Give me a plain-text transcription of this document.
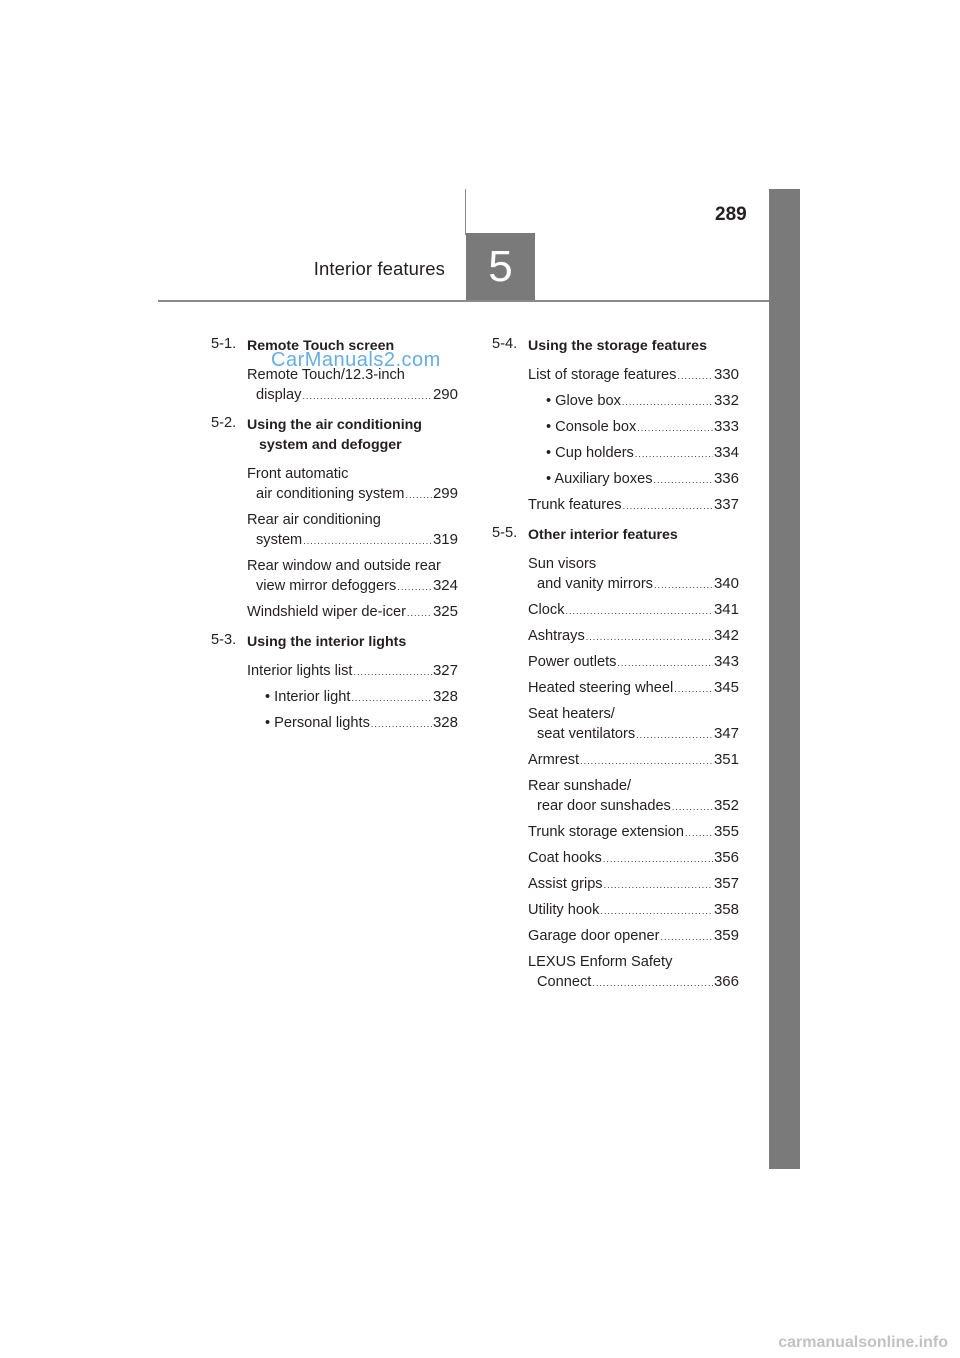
289
Interior features 5
5-1. Remote Touch screen
Remote Touch/12.3-inch
display .....	290
5-2. Using the air conditioning system and defogger
Front automatic
air conditioning system ..... 299
Rear air conditioning
system .....	319
Rear window and outside rear
view mirror defoggers ..... 324
Windshield wiper de-icer ..... 325
5-3. Using the interior lights
Interior lights list .....	327
• Interior light .....	328
• Personal lights .....	328
5-4. Using the storage features
List of storage features .....	330
• Glove box .....	332
• Console box .....	333
• Cup holders .....	334
• Auxiliary boxes .....	336
Trunk features .....	337
5-5. Other interior features
Sun visors
and vanity mirrors .....	340
Clock .....	341
Ashtrays .....	342
Power outlets .....	343
Heated steering wheel .....	345
Seat heaters/
seat ventilators .....	347
Armrest .....	351
Rear sunshade/
rear door sunshades .....	352
Trunk storage extension ..... 355
Coat hooks .....	356
Assist grips .....	357
Utility hook .....	358
Garage door opener .....	359
LEXUS Enform Safety
Connect .....	366
CarManuals2.com
carmanualsonline.info
